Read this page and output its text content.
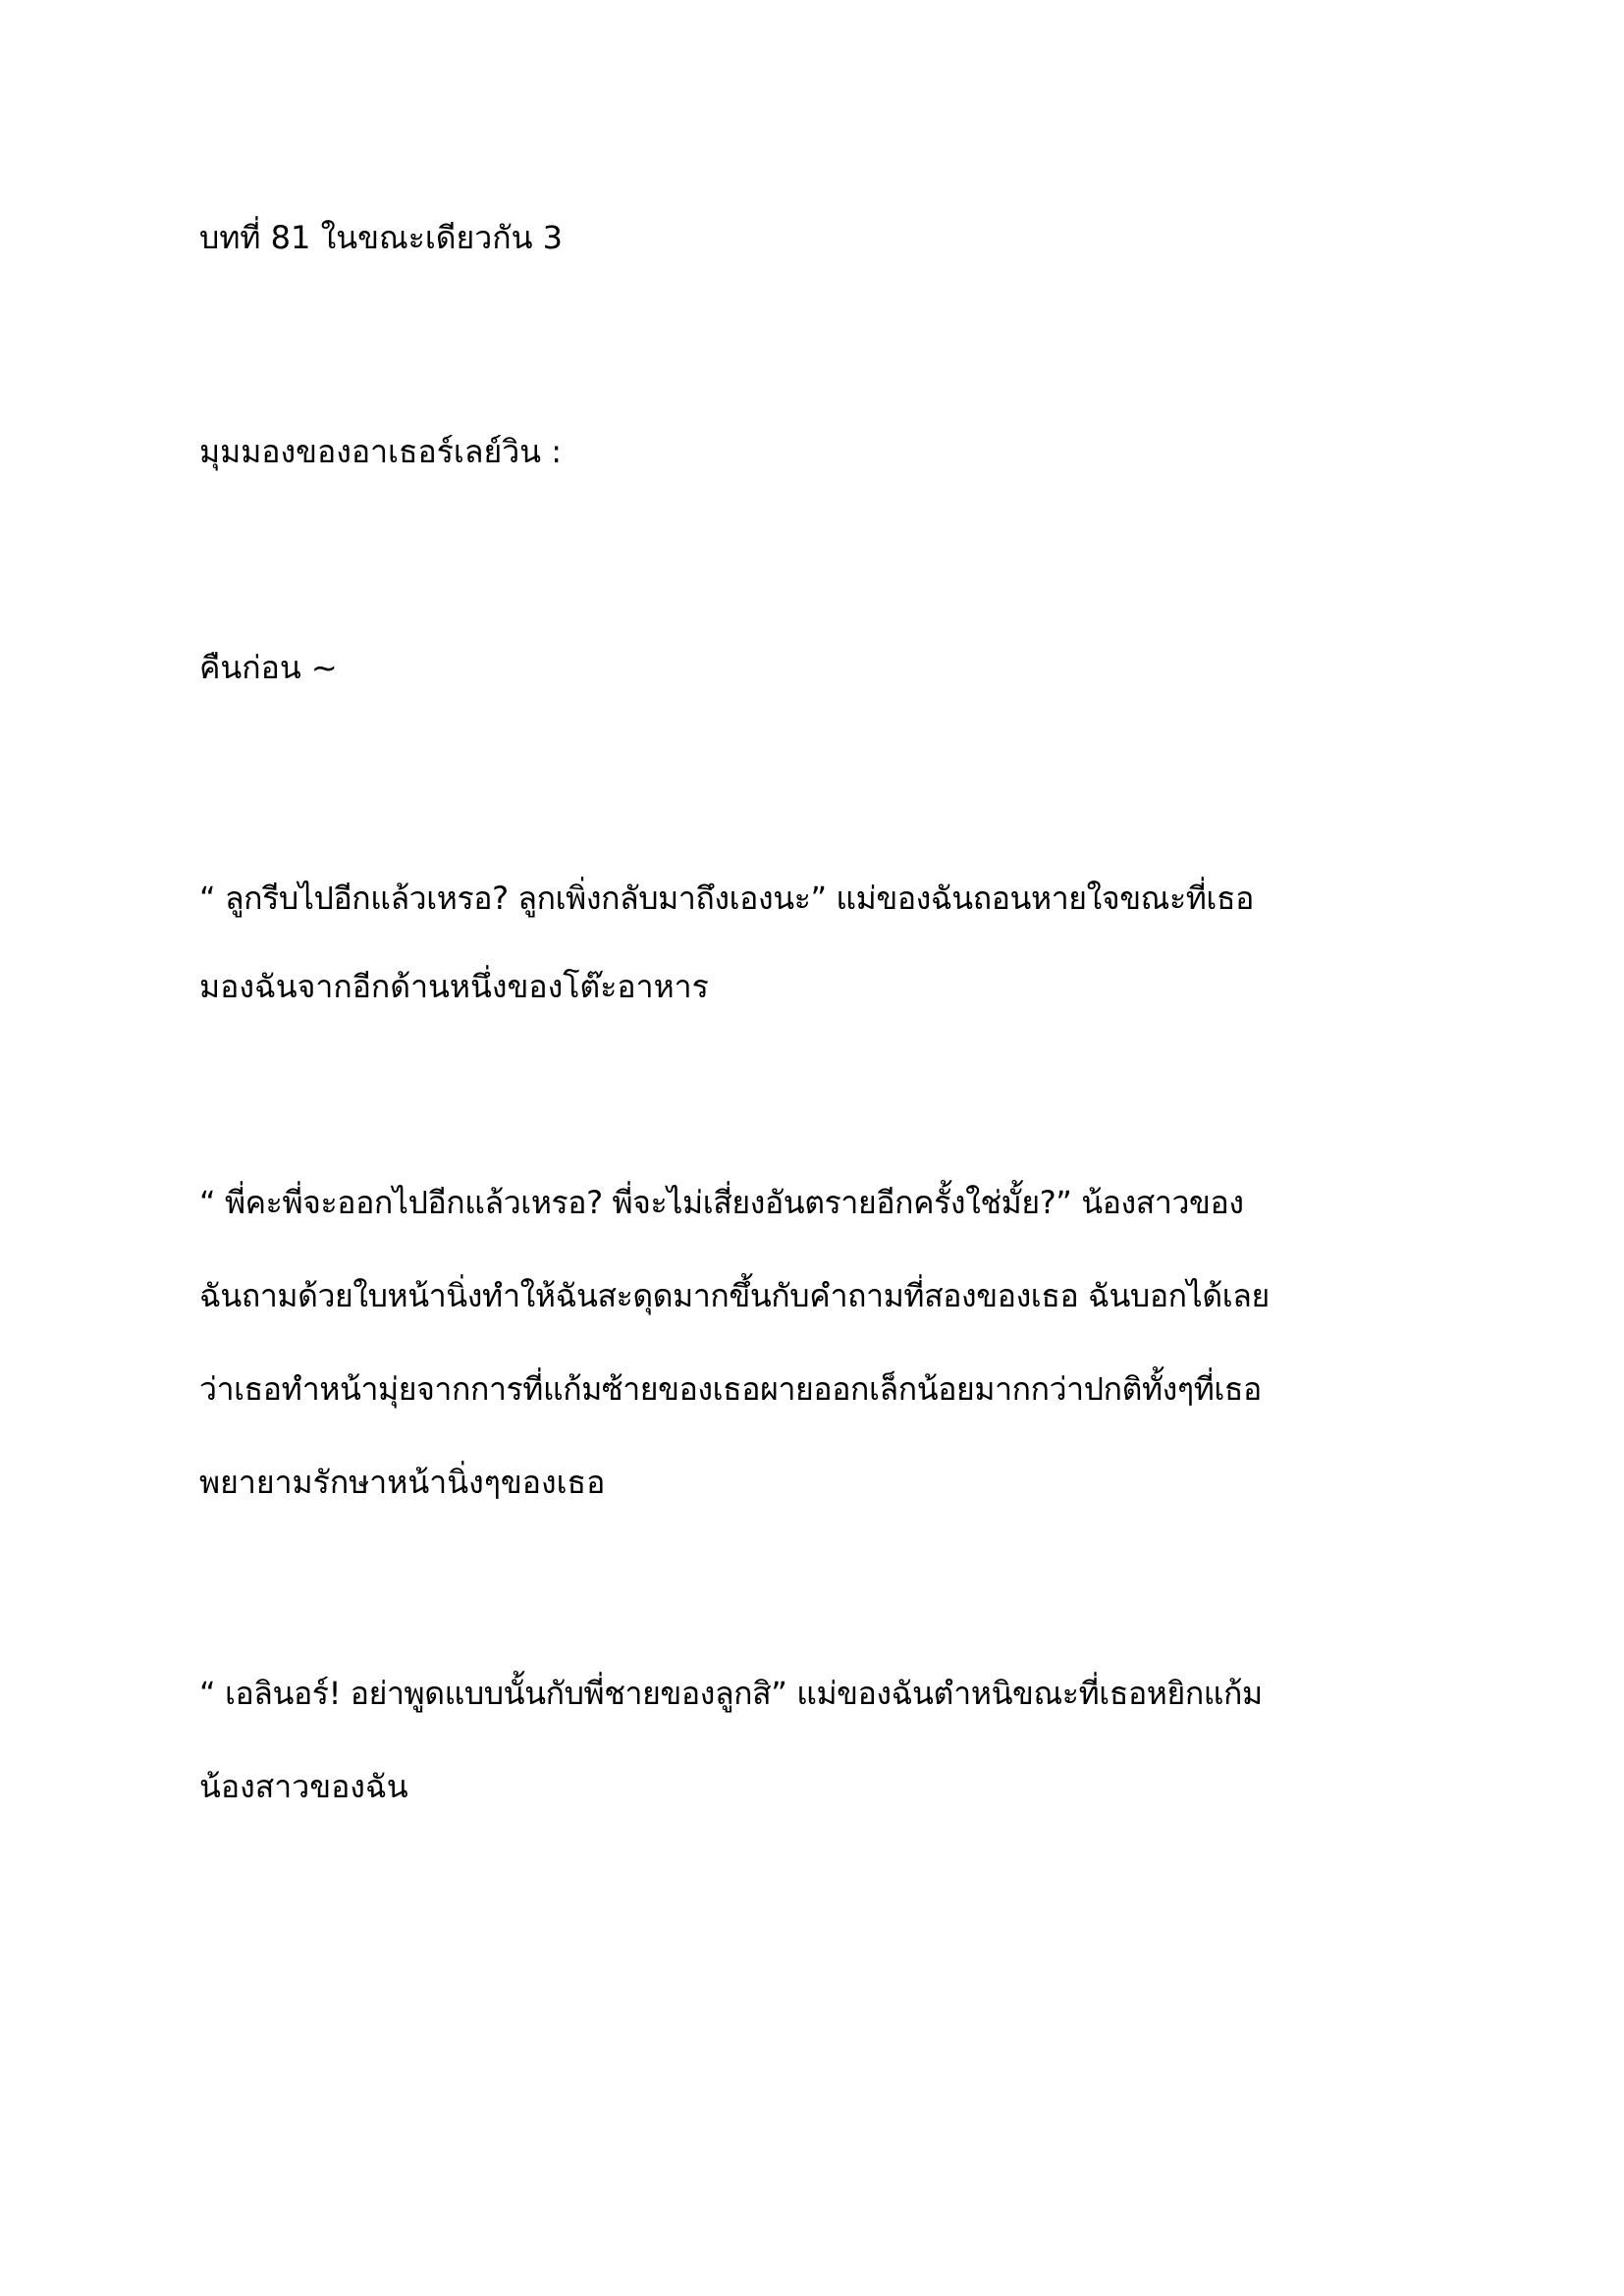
บทที่ 81 ในขณะเดียวกัน 3

มุมมองของอาเธอร์เลย์วิน :

คืนก่อน ~

“ ลูกรีบไปอีกแล้วเหรอ? ลูกเพิ่งกลับมาถึงเองนะ” แม่ของฉันถอนหายใจขณะที่เธอ

มองฉันจากอีกด้านหนึ่งของโต๊ะอาหาร

“ พี่คะพี่จะออกไปอีกแล้วเหรอ? พี่จะไม่เสี่ยงอันตรายอีกครั้งใช่มั้ย?” น้องสาวของ

ฉันถามด้วยใบหน้านิ่งทำให้ฉันสะดุดมากขึ้นกับคำถามที่สองของเธอ ฉันบอกได้เลย

ว่าเธอทำหน้ามุ่ยจากการที่แก้มซ้ายของเธอผายออกเล็กน้อยมากกว่าปกติทั้งๆที่เธอ

พยายามรักษาหน้านิ่งๆของเธอ

“ เอลินอร์! อย่าพูดแบบนั้นกับพี่ชายของลูกสิ” แม่ของฉันตำหนิขณะที่เธอหยิกแก้ม

น้องสาวของฉัน
